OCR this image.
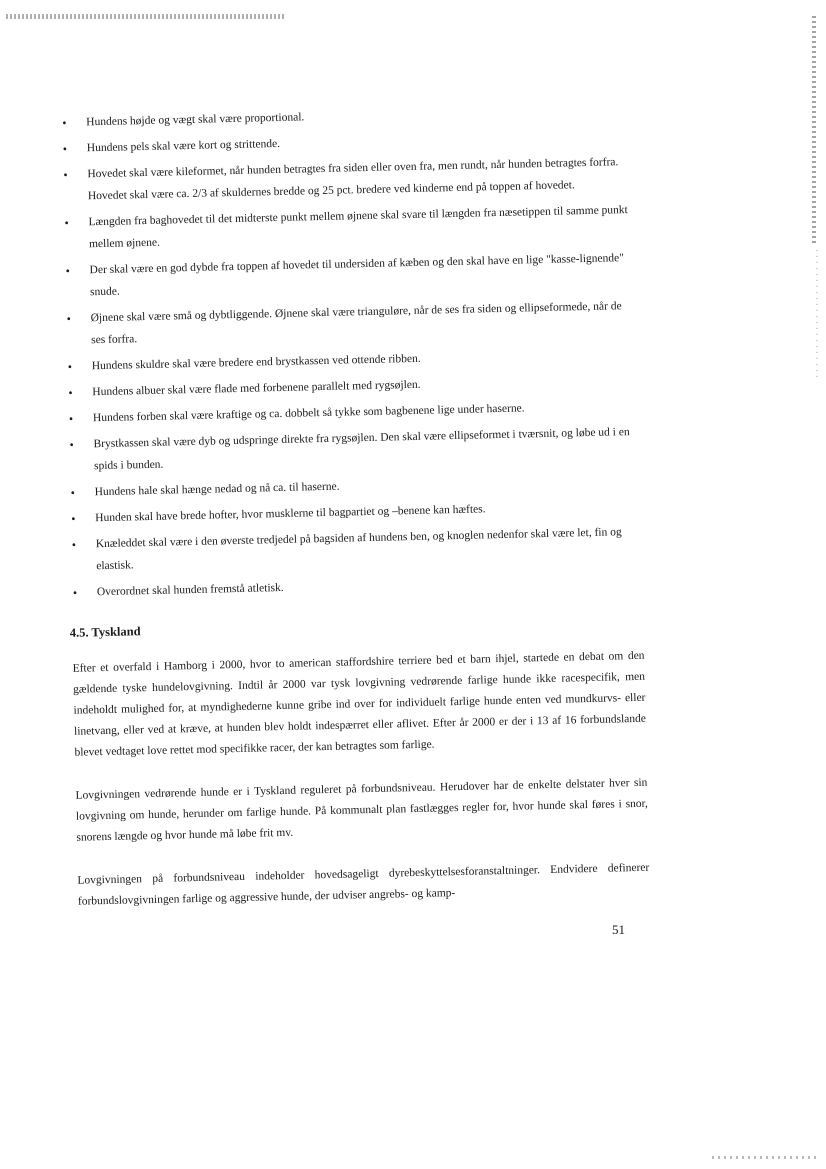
• Hundens højde og vægt skal være proportional.
• Hundens pels skal være kort og strittende.
• Hovedet skal være kileformet, når hunden betragtes fra siden eller oven fra, men rundt, når hunden betragtes forfra. Hovedet skal være ca. 2/3 af skuldernes bredde og 25 pct. bredere ved kinderne end på toppen af hovedet.
• Længden fra baghovedet til det midterste punkt mellem øjnene skal svare til længden fra næsetippen til samme punkt mellem øjnene.
• Der skal være en god dybde fra toppen af hovedet til undersiden af kæben og den skal have en lige "kasse-lignende" snude.
• Øjnene skal være små og dybtliggende. Øjnene skal være trianguløre, når de ses fra siden og ellipseformede, når de ses forfra.
• Hundens skuldre skal være bredere end brystkassen ved ottende ribben.
• Hundens albuer skal være flade med forbenene parallelt med rygsøjlen.
• Hundens forben skal være kraftige og ca. dobbelt så tykke som bagbenene lige under haserne.
• Brystkassen skal være dyb og udspringe direkte fra rygsøjlen. Den skal være ellipseformet i tværsnit, og løbe ud i en spids i bunden.
• Hundens hale skal hænge nedad og nå ca. til haserne.
• Hunden skal have brede hofter, hvor musklerne til bagpartiet og –benene kan hæftes.
• Knæleddet skal være i den øverste tredjedel på bagsiden af hundens ben, og knoglen nedenfor skal være let, fin og elastisk.
• Overordnet skal hunden fremstå atletisk.
4.5. Tyskland

Efter et overfald i Hamborg i 2000, hvor to american staffordshire terriere bed et barn ihjel, startede en debat om den gældende tyske hundelovgivning. Indtil år 2000 var tysk lovgivning vedrørende farlige hunde ikke racespecifik, men indeholdt mulighed for, at myndighederne kunne gribe ind over for individuelt farlige hunde enten ved mundkurvs- eller linetvang, eller ved at kræve, at hunden blev holdt indespærret eller aflivet. Efter år 2000 er der i 13 af 16 forbundslande blevet vedtaget love rettet mod specifikke racer, der kan betragtes som farlige.

Lovgivningen vedrørende hunde er i Tyskland reguleret på forbundsniveau. Herudover har de enkelte delstater hver sin lovgivning om hunde, herunder om farlige hunde. På kommunalt plan fastlægges regler for, hvor hunde skal føres i snor, snorens længde og hvor hunde må løbe frit mv.

Lovgivningen på forbundsniveau indeholder hovedsageligt dyrebeskyttelsesforanstaltninger. Endvidere definerer forbundslovgivningen farlige og aggressive hunde, der udviser angrebs- og kamp-

51
